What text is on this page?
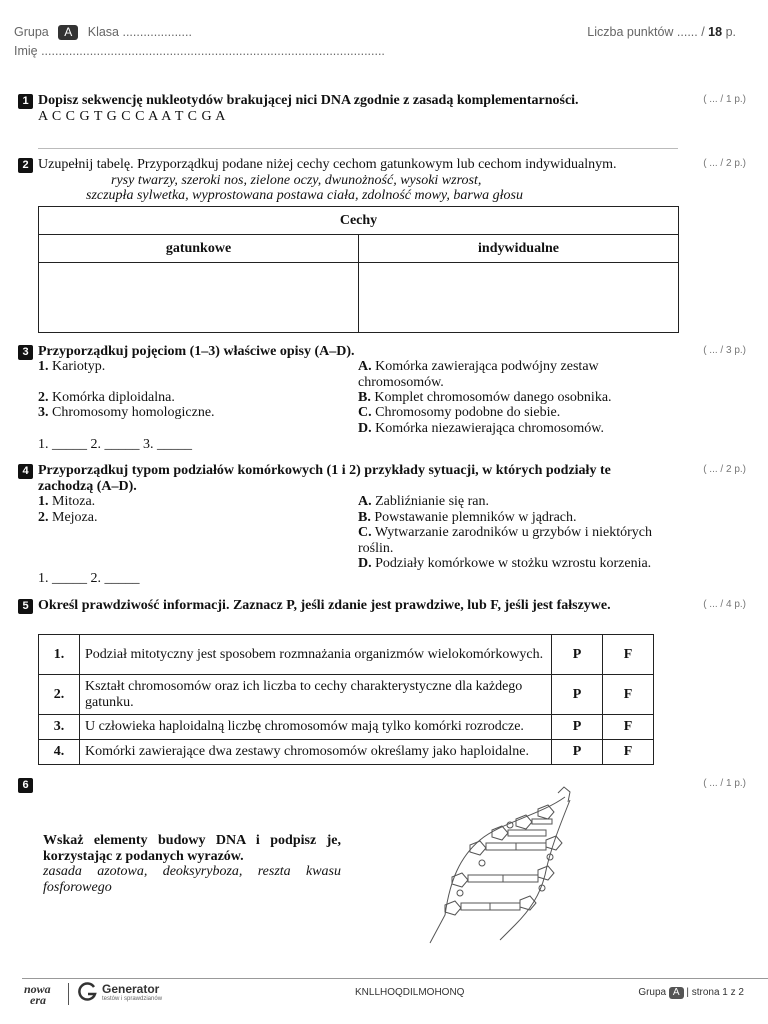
Grupa A Klasa ....................
Imię ...................................................................................................
Liczba punktów ...... / 18 p.
1	( ... / 1 p.)
Dopisz sekwencję nukleotydów brakującej nici DNA zgodnie z zasadą komplementarności.
A C C G T G C C A A T C G A
2	( ... / 2 p.)
Uzupełnij tabelę. Przyporządkuj podane niżej cechy cechom gatunkowym lub cechom indywidualnym.
rysy twarzy, szeroki nos, zielone oczy, dwunożność, wysoki wzrost,
szczupła sylwetka, wyprostowana postawa ciała, zdolność mowy, barwa głosu
Cechy	
gatunkowe	indywidualne

3	( ... / 3 p.)
Przyporządkuj pojęciom (1–3) właściwe opisy (A–D).
1. Kariotyp.
2. Komórka diploidalna.
3. Chromosomy homologiczne.
A. Komórka zawierająca podwójny zestaw chromosomów.
B. Komplet chromosomów danego osobnika.
C. Chromosomy podobne do siebie.
D. Komórka niezawierająca chromosomów.
1. _____ 2. _____ 3. _____
4	( ... / 2 p.)
Przyporządkuj typom podziałów komórkowych (1 i 2) przykłady sytuacji, w których podziały te zachodzą (A–D).
1. Mitoza.
2. Mejoza.
A. Zabliźnianie się ran.
B. Powstawanie plemników w jądrach.
C. Wytwarzanie zarodników u grzybów i niektórych roślin.
D. Podziały komórkowe w stożku wzrostu korzenia.
1. _____ 2. _____
5	( ... / 4 p.)
Określ prawdziwość informacji. Zaznacz P, jeśli zdanie jest prawdziwe, lub F, jeśli jest fałszywe.
1.	Podział mitotyczny jest sposobem rozmnażania organizmów wielokomórkowych.	P	F
2.	Kształt chromosomów oraz ich liczba to cechy charakterystyczne dla każdego gatunku.	P	F
3.	U człowieka haploidalną liczbę chromosomów mają tylko komórki rozrodcze.	P	F
4.	Komórki zawierające dwa zestawy chromosomów określamy jako haploidalne.	P	F
6	( ... / 1 p.)
Wskaż elementy budowy DNA i podpisz je, korzystając z podanych wyrazów.
zasada azotowa, deoksyryboza, reszta kwasu fosforowego
nowa
era
Generator
testów i sprawdzianów
KNLLHOQDILMOHONQ	Grupa A | strona 1 z 2
